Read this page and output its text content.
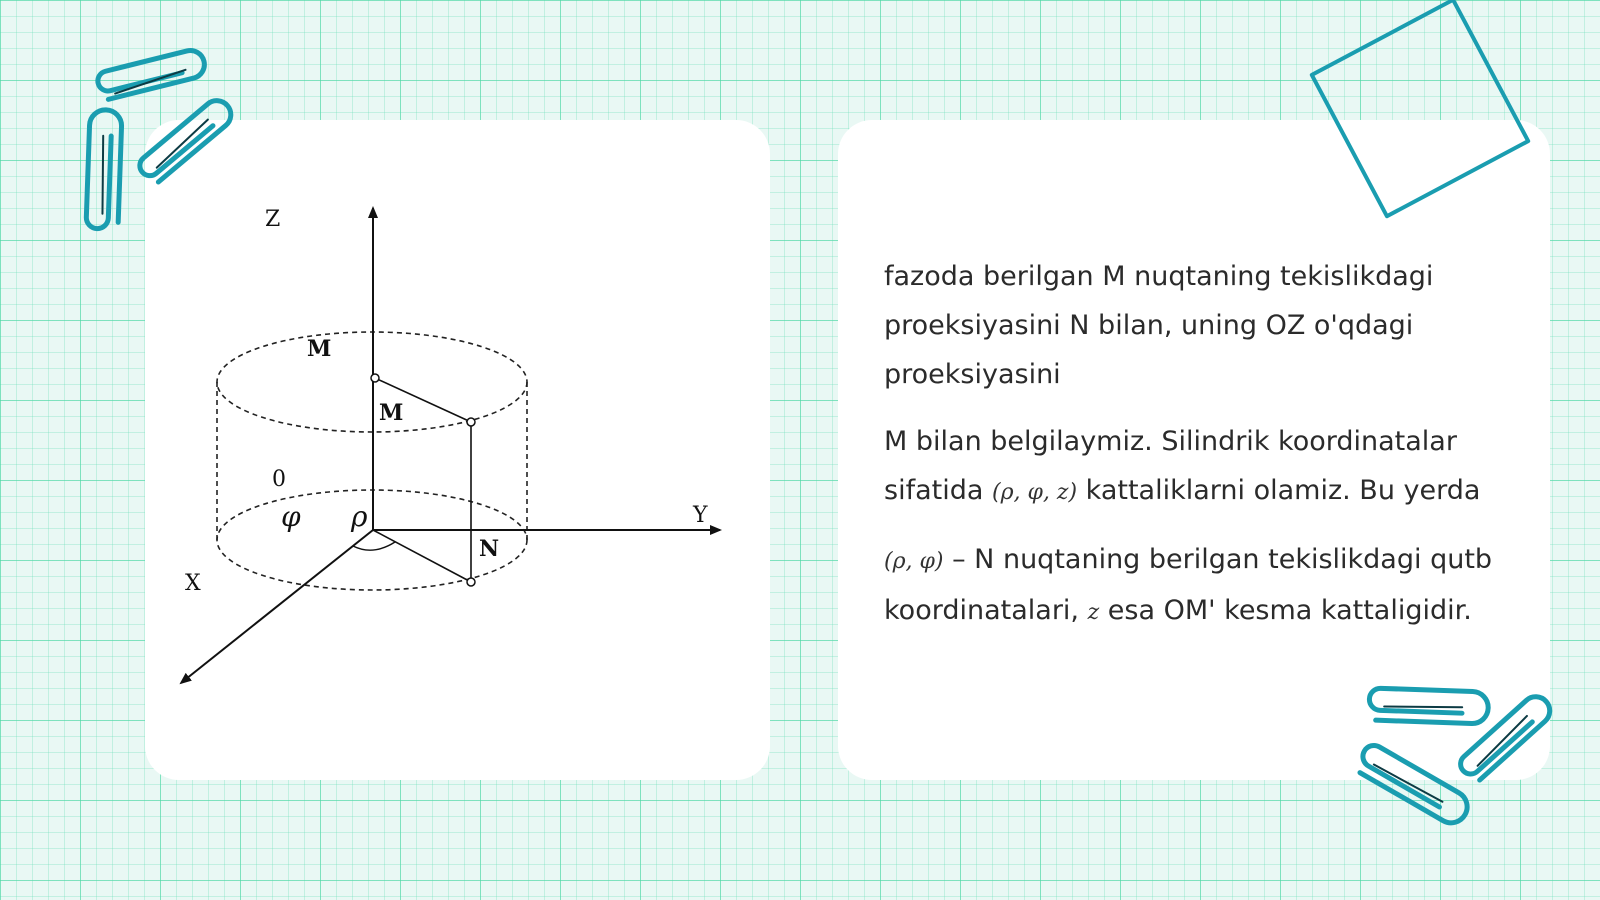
Z
Y
X
M
M
N
0
φ ρ

fazoda berilgan M nuqtaning tekislikdagi proeksiyasini N bilan, uning OZ o'qdagi proeksiyasini

M bilan belgilaymiz. Silindrik koordinatalar sifatida (ρ, φ, z) kattaliklarni olamiz. Bu yerda

(ρ, φ) – N nuqtaning berilgan tekislikdagi qutb koordinatalari, z esa OM' kesma kattaligidir.
